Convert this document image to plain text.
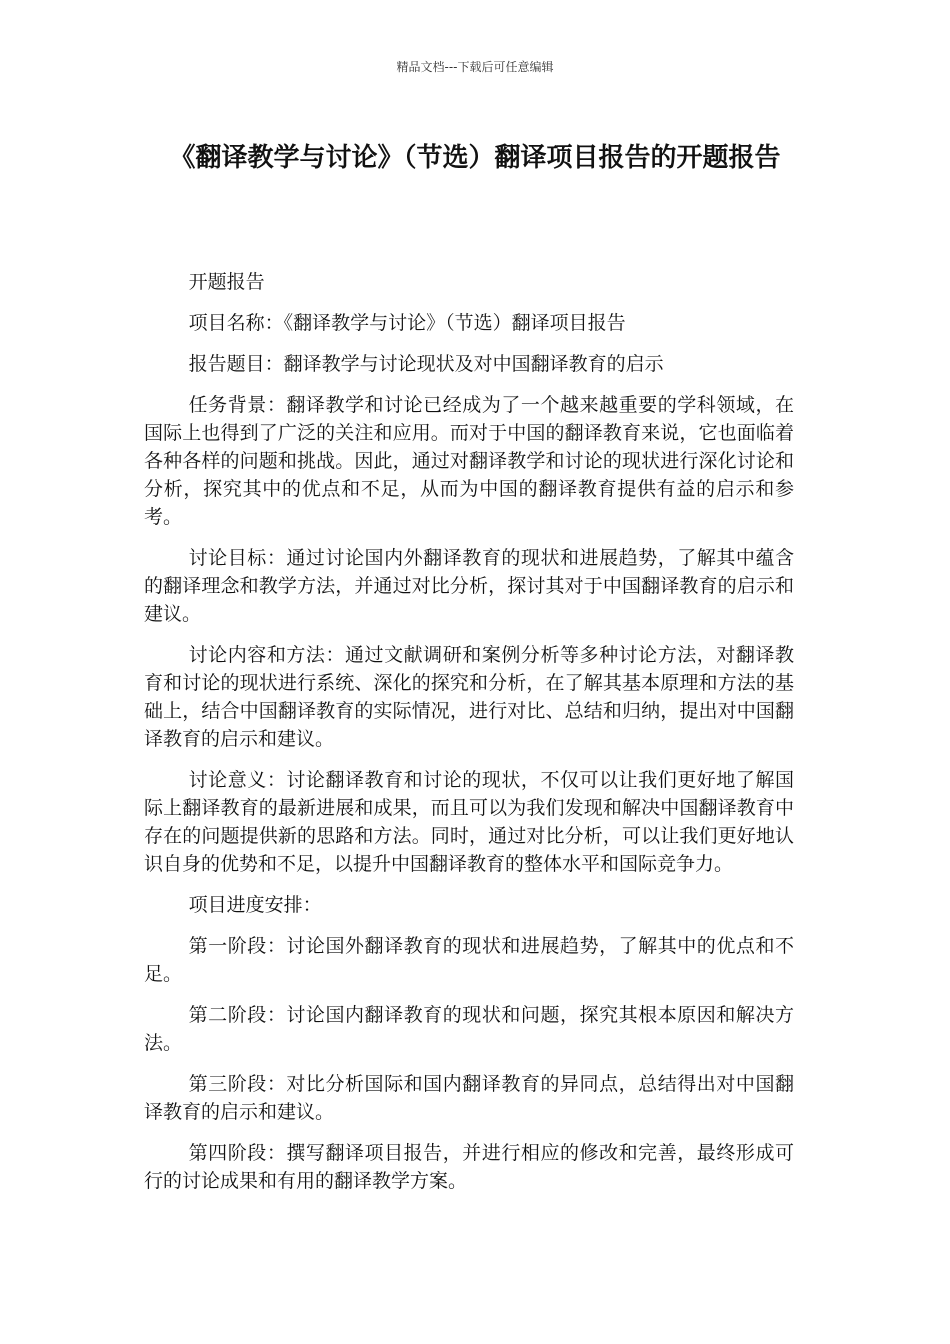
精品文档---下载后可任意编辑
《翻译教学与讨论》（节选）翻译项目报告的开题报告

开题报告

项目名称：《翻译教学与讨论》（节选）翻译项目报告

报告题目：翻译教学与讨论现状及对中国翻译教育的启示

任务背景：翻译教学和讨论已经成为了一个越来越重要的学科领域，在国际上也得到了广泛的关注和应用。而对于中国的翻译教育来说，它也面临着各种各样的问题和挑战。因此，通过对翻译教学和讨论的现状进行深化讨论和分析，探究其中的优点和不足，从而为中国的翻译教育提供有益的启示和参考。

讨论目标：通过讨论国内外翻译教育的现状和进展趋势，了解其中蕴含的翻译理念和教学方法，并通过对比分析，探讨其对于中国翻译教育的启示和建议。

讨论内容和方法：通过文献调研和案例分析等多种讨论方法，对翻译教育和讨论的现状进行系统、深化的探究和分析，在了解其基本原理和方法的基础上，结合中国翻译教育的实际情况，进行对比、总结和归纳，提出对中国翻译教育的启示和建议。

讨论意义：讨论翻译教育和讨论的现状，不仅可以让我们更好地了解国际上翻译教育的最新进展和成果，而且可以为我们发现和解决中国翻译教育中存在的问题提供新的思路和方法。同时，通过对比分析，可以让我们更好地认识自身的优势和不足，以提升中国翻译教育的整体水平和国际竞争力。

项目进度安排：

第一阶段：讨论国外翻译教育的现状和进展趋势，了解其中的优点和不足。

第二阶段：讨论国内翻译教育的现状和问题，探究其根本原因和解决方法。

第三阶段：对比分析国际和国内翻译教育的异同点，总结得出对中国翻译教育的启示和建议。

第四阶段：撰写翻译项目报告，并进行相应的修改和完善，最终形成可行的讨论成果和有用的翻译教学方案。
